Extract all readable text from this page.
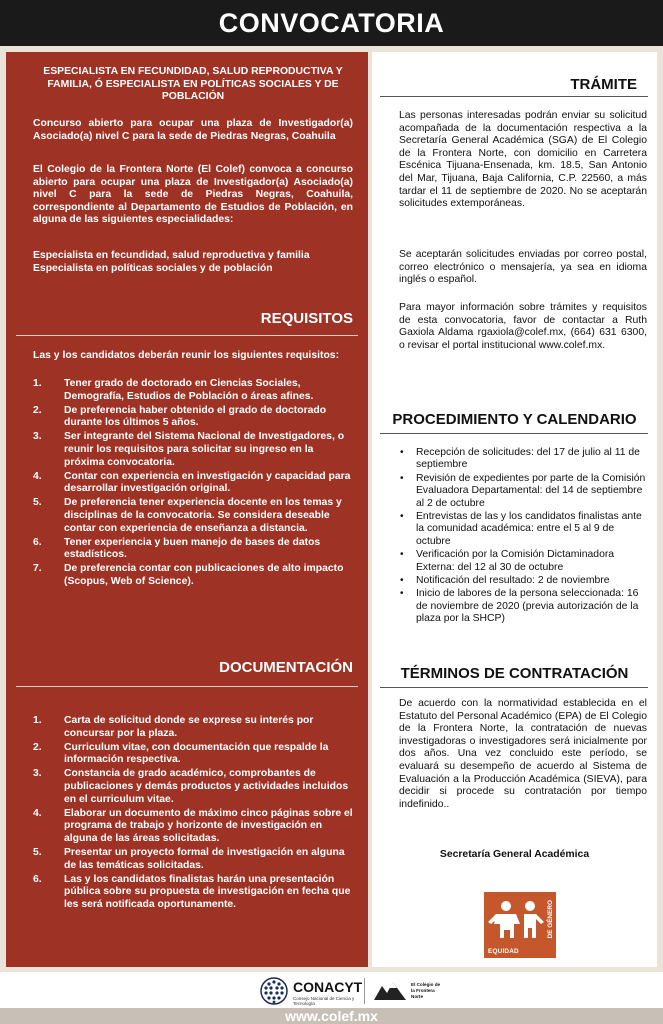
CONVOCATORIA
ESPECIALISTA EN FECUNDIDAD, SALUD REPRODUCTIVA Y FAMILIA, Ó ESPECIALISTA EN POLÍTICAS SOCIALES Y DE POBLACIÓN
Concurso abierto para ocupar una plaza de Investigador(a) Asociado(a) nivel C para la sede de Piedras Negras, Coahuila
El Colegio de la Frontera Norte (El Colef) convoca a concurso abierto para ocupar una plaza de Investigador(a) Asociado(a) nivel C para la sede de Piedras Negras, Coahuila, correspondiente al Departamento de Estudios de Población, en alguna de las siguientes especialidades:
Especialista en fecundidad, salud reproductiva y familia
Especialista en políticas sociales y de población
REQUISITOS
Las y los candidatos deberán reunir los siguientes requisitos:
1. Tener grado de doctorado en Ciencias Sociales, Demografía, Estudios de Población o áreas afines.
2. De preferencia haber obtenido el grado de doctorado durante los últimos 5 años.
3. Ser integrante del Sistema Nacional de Investigadores, o reunir los requisitos para solicitar su ingreso en la próxima convocatoria.
4. Contar con experiencia en investigación y capacidad para desarrollar investigación original.
5. De preferencia tener experiencia docente en los temas y disciplinas de la convocatoria. Se considera deseable contar con experiencia de enseñanza a distancia.
6. Tener experiencia y buen manejo de bases de datos estadísticos.
7. De preferencia contar con publicaciones de alto impacto (Scopus, Web of Science).
DOCUMENTACIÓN
1. Carta de solicitud donde se exprese su interés por concursar por la plaza.
2. Curriculum vitae, con documentación que respalde la información respectiva.
3. Constancia de grado académico, comprobantes de publicaciones y demás productos y actividades incluidos en el curriculum vitae.
4. Elaborar un documento de máximo cinco páginas sobre el programa de trabajo y horizonte de investigación en alguna de las áreas solicitadas.
5. Presentar un proyecto formal de investigación en alguna de las temáticas solicitadas.
6. Las y los candidatos finalistas harán una presentación pública sobre su propuesta de investigación en fecha que les será notificada oportunamente.
TRÁMITE
Las personas interesadas podrán enviar su solicitud acompañada de la documentación respectiva a la Secretaría General Académica (SGA) de El Colegio de la Frontera Norte, con domicilio en Carretera Escénica Tijuana-Ensenada, km. 18.5, San Antonio del Mar, Tijuana, Baja California, C.P. 22560, a más tardar el 11 de septiembre de 2020. No se aceptarán solicitudes extemporáneas.
Se aceptarán solicitudes enviadas por correo postal, correo electrónico o mensajería, ya sea en idioma inglés o español.
Para mayor información sobre trámites y requisitos de esta convocatoria, favor de contactar a Ruth Gaxiola Aldama rgaxiola@colef.mx, (664) 631 6300, o revisar el portal institucional www.colef.mx.
PROCEDIMIENTO Y CALENDARIO
• Recepción de solicitudes: del 17 de julio al 11 de septiembre
• Revisión de expedientes por parte de la Comisión Evaluadora Departamental: del 14 de septiembre al 2 de octubre
• Entrevistas de las y los candidatos finalistas ante la comunidad académica: entre el 5 al 9 de octubre
• Verificación por la Comisión Dictaminadora Externa: del 12 al 30 de octubre
• Notificación del resultado: 2 de noviembre
• Inicio de labores de la persona seleccionada: 16 de noviembre de 2020 (previa autorización de la plaza por la SHCP)
TÉRMINOS DE CONTRATACIÓN
De acuerdo con la normatividad establecida en el Estatuto del Personal Académico (EPA) de El Colegio de la Frontera Norte, la contratación de nuevas investigadoras o investigadores será inicialmente por dos años. Una vez concluido este período, se evaluará su desempeño de acuerdo al Sistema de Evaluación a la Producción Académica (SIEVA), para decidir si procede su contratación por tiempo indefinido..
Secretaría General Académica
EQUIDAD
DE GÉNERO
CONACYT
Consejo Nacional de Ciencia y Tecnología
El Colegio de la Frontera Norte
www.colef.mx
